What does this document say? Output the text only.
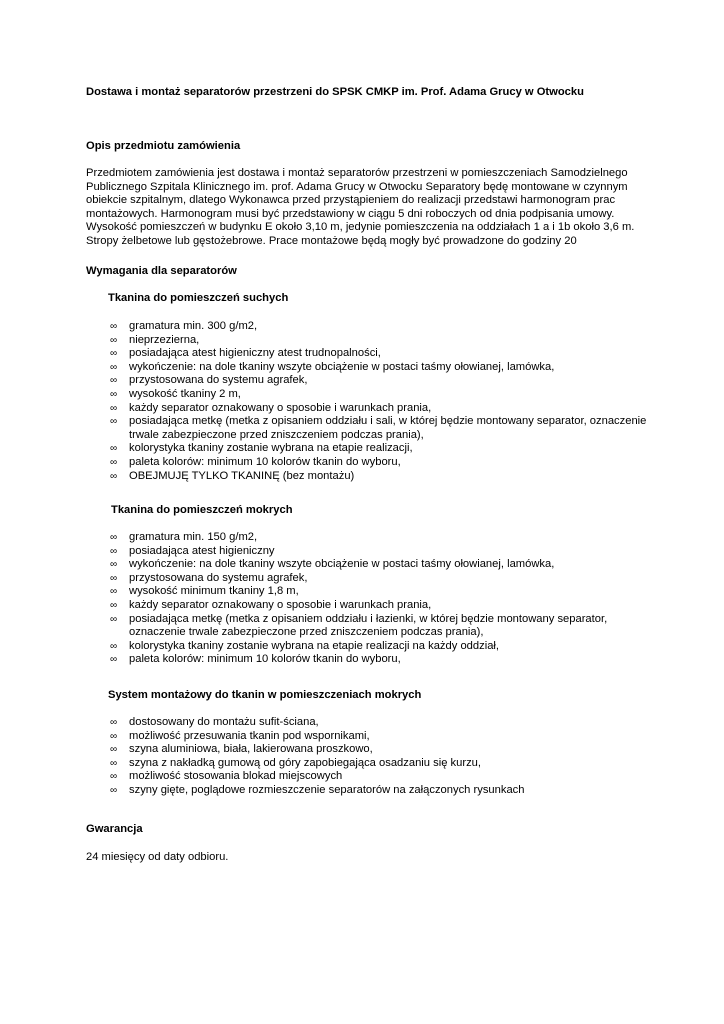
Dostawa i montaż separatorów przestrzeni do SPSK CMKP im. Prof. Adama Grucy w Otwocku
Opis przedmiotu zamówienia
Przedmiotem zamówienia jest dostawa i montaż separatorów przestrzeni w pomieszczeniach Samodzielnego
Publicznego Szpitala Klinicznego im. prof. Adama Grucy w Otwocku Separatory będę montowane w czynnym
obiekcie szpitalnym, dlatego Wykonawca przed przystąpieniem do realizacji przedstawi harmonogram prac
montażowych. Harmonogram musi być przedstawiony w ciągu 5 dni roboczych od dnia podpisania umowy.
Wysokość pomieszczeń w budynku E około 3,10 m, jedynie pomieszczenia na oddziałach 1 a i 1b około 3,6 m.
Stropy żelbetowe lub gęstożebrowe. Prace montażowe będą mogły być prowadzone do godziny 20
Wymagania dla separatorów
Tkanina do pomieszczeń suchych
∞ gramatura min. 300 g/m2,
∞ nieprzezierna,
∞ posiadająca atest higieniczny atest trudnopalności,
∞ wykończenie: na dole tkaniny wszyte obciążenie w postaci taśmy ołowianej, lamówka,
∞ przystosowana do systemu agrafek,
∞ wysokość tkaniny 2 m,
∞ każdy separator oznakowany o sposobie i warunkach prania,
∞ posiadająca metkę (metka z opisaniem oddziału i sali, w której będzie montowany separator, oznaczenie trwale zabezpieczone przed zniszczeniem podczas prania),
∞ kolorystyka tkaniny zostanie wybrana na etapie realizacji,
∞ paleta kolorów: minimum 10 kolorów tkanin do wyboru,
∞ OBEJMUJĘ TYLKO TKANINĘ (bez montażu)
Tkanina do pomieszczeń mokrych
∞ gramatura min. 150 g/m2,
∞ posiadająca atest higieniczny
∞ wykończenie: na dole tkaniny wszyte obciążenie w postaci taśmy ołowianej, lamówka,
∞ przystosowana do systemu agrafek,
∞ wysokość minimum tkaniny 1,8 m,
∞ każdy separator oznakowany o sposobie i warunkach prania,
∞ posiadająca metkę (metka z opisaniem oddziału i łazienki, w której będzie montowany separator, oznaczenie trwale zabezpieczone przed zniszczeniem podczas prania),
∞ kolorystyka tkaniny zostanie wybrana na etapie realizacji na każdy oddział,
∞ paleta kolorów: minimum 10 kolorów tkanin do wyboru,
System montażowy do tkanin w pomieszczeniach mokrych
∞ dostosowany do montażu sufit-ściana,
∞ możliwość przesuwania tkanin pod wspornikami,
∞ szyna aluminiowa, biała, lakierowana proszkowo,
∞ szyna z nakładką gumową od góry zapobiegająca osadzaniu się kurzu,
∞ możliwość stosowania blokad miejscowych
∞ szyny gięte, poglądowe rozmieszczenie separatorów na załączonych rysunkach
Gwarancja
24 miesięcy od daty odbioru.
